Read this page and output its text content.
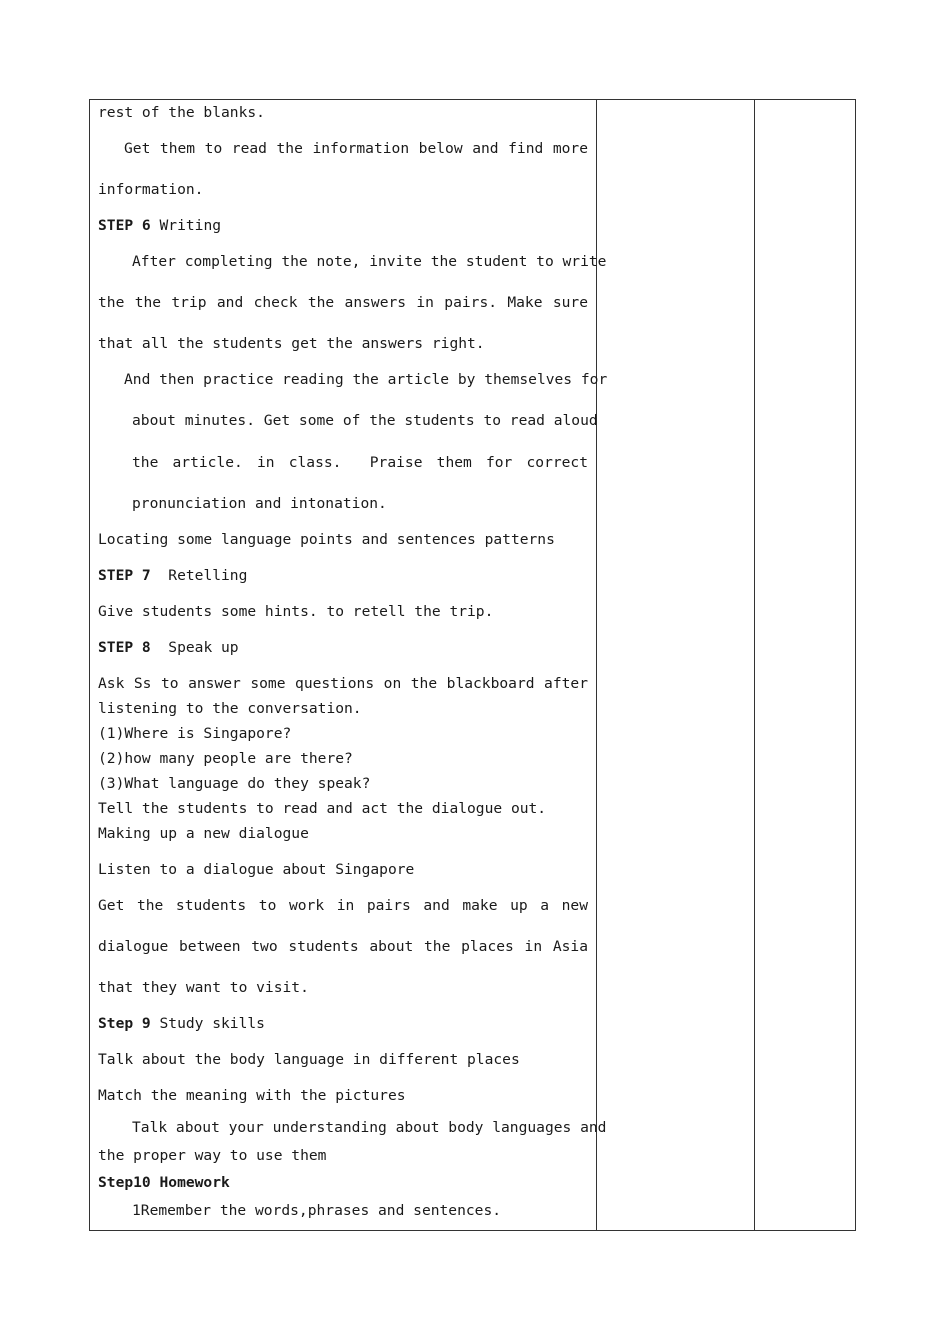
rest of the blanks.
Get them to read the information below and find more
information.
STEP 6 Writing
After completing the note, invite the student to write
the the trip and check the answers in pairs. Make sure
that all the students get the answers right.
And then practice reading the article by themselves for
about minutes. Get some of the students to read aloud
the article. in class.  Praise them for correct
pronunciation and intonation.
Locating some language points and sentences patterns
STEP 7 Retelling
Give students some hints. to retell the trip.
STEP 8 Speak up
Ask Ss to answer some questions on the blackboard after
listening to the conversation.
(1)Where is Singapore?
(2)how many people are there?
(3)What language do they speak?
Tell the students to read and act the dialogue out.
Making up a new dialogue
Listen to a dialogue about Singapore
Get the students to work in pairs and make up a new
dialogue between two students about the places in Asia
that they want to visit.
Step 9 Study skills
Talk about the body language in different places
Match the meaning with the pictures
Talk about your understanding about body languages and
the proper way to use them
Step10 Homework
1Remember the words,phrases and sentences.
